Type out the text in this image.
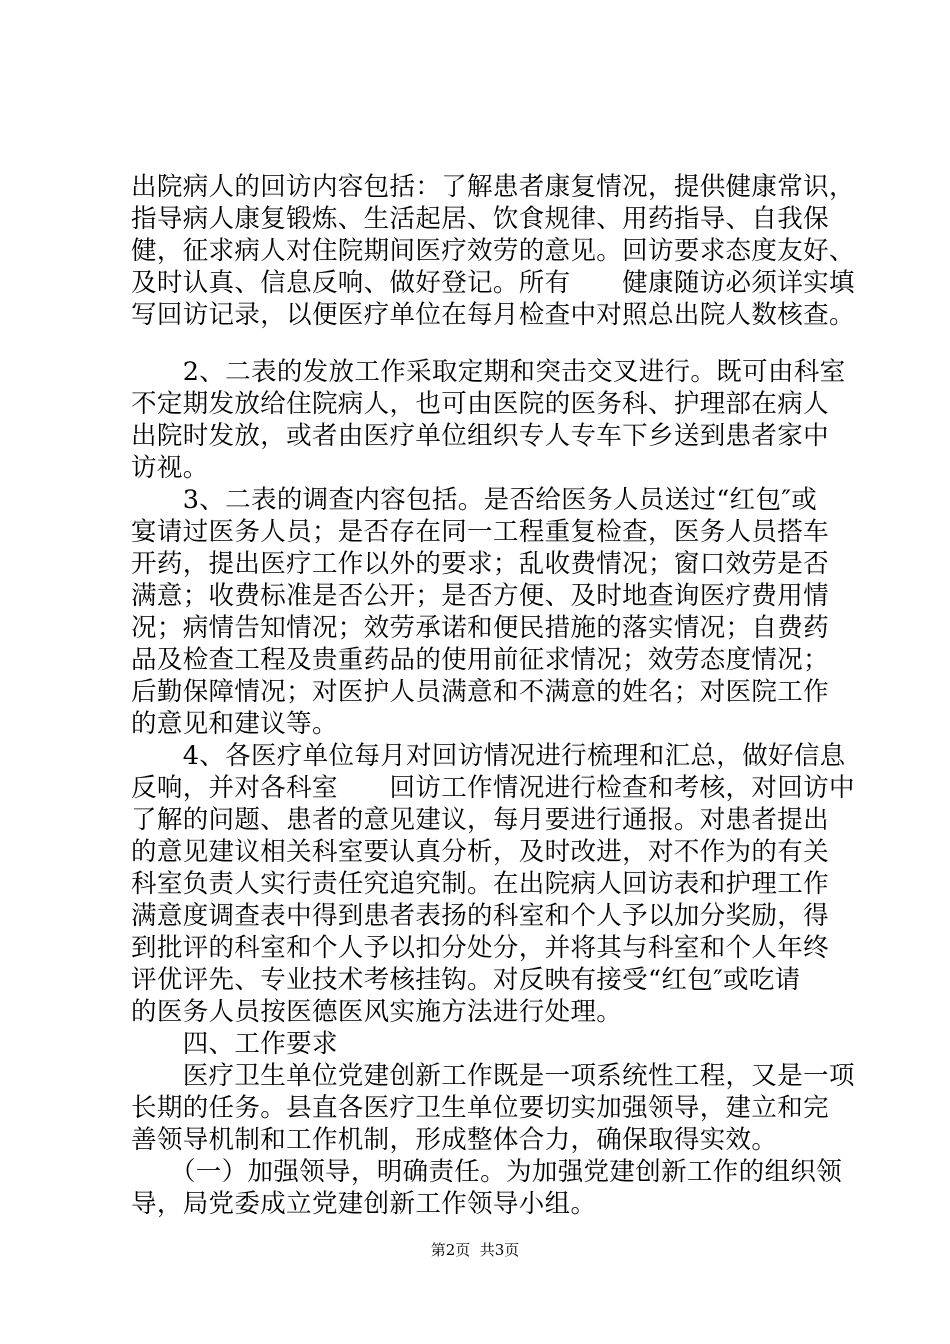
出院病人的回访内容包括：了解患者康复情况，提供健康常识，
指导病人康复锻炼、生活起居、饮食规律、用药指导、自我保
健，征求病人对住院期间医疗效劳的意见。回访要求态度友好、
及时认真、信息反响、做好登记。所有　　健康随访必须详实填
写回访记录，以便医疗单位在每月检查中对照总出院人数核查。
　　2、二表的发放工作采取定期和突击交叉进行。既可由科室
不定期发放给住院病人，也可由医院的医务科、护理部在病人
出院时发放，或者由医疗单位组织专人专车下乡送到患者家中
访视。
　　3、二表的调查内容包括。是否给医务人员送过“红包″或
宴请过医务人员；是否存在同一工程重复检查，医务人员搭车
开药，提出医疗工作以外的要求；乱收费情况；窗口效劳是否
满意；收费标准是否公开；是否方便、及时地查询医疗费用情
况；病情告知情况；效劳承诺和便民措施的落实情况；自费药
品及检查工程及贵重药品的使用前征求情况；效劳态度情况；
后勤保障情况；对医护人员满意和不满意的姓名；对医院工作
的意见和建议等。
　　4、各医疗单位每月对回访情况进行梳理和汇总，做好信息
反响，并对各科室　　回访工作情况进行检查和考核，对回访中
了解的问题、患者的意见建议，每月要进行通报。对患者提出
的意见建议相关科室要认真分析，及时改进，对不作为的有关
科室负责人实行责任究追究制。在出院病人回访表和护理工作
满意度调查表中得到患者表扬的科室和个人予以加分奖励，得
到批评的科室和个人予以扣分处分，并将其与科室和个人年终
评优评先、专业技术考核挂钩。对反映有接受“红包″或吃请
的医务人员按医德医风实施方法进行处理。
　　四、工作要求
　　医疗卫生单位党建创新工作既是一项系统性工程，又是一项
长期的任务。县直各医疗卫生单位要切实加强领导，建立和完
善领导机制和工作机制，形成整体合力，确保取得实效。
　　（一）加强领导，明确责任。为加强党建创新工作的组织领
导，局党委成立党建创新工作领导小组。
第2页  共3页
